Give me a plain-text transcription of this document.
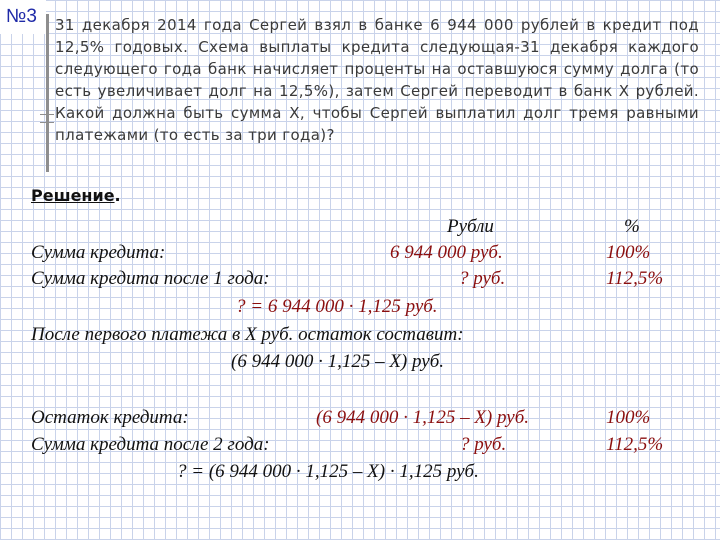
№3	31 декабря 2014 года Сергей взял в банке 6 944 000 рублей в кредит под 12,5% годовых. Схема выплаты кредита следующая-31 декабря каждого следующего года банк начисляет проценты на оставшуюся сумму долга (то есть увеличивает долг на 12,5%), затем Сергей переводит в банк Х рублей. Какой должна быть сумма Х, чтобы Сергей выплатил долг тремя равными платежами (то есть за три года)?
Решение.
Рубли	%
Сумма кредита:	6 944 000 руб.	100%
Сумма кредита после 1 года:	? руб.	112,5%
? = 6 944 000 · 1,125 руб.
После первого платежа в Х руб. остаток составит:
(6 944 000 · 1,125 – Х) руб.
Остаток кредита:	(6 944 000 · 1,125 – Х) руб.	100%
Сумма кредита после 2 года:	? руб.	112,5%
? = (6 944 000 · 1,125 – Х) · 1,125 руб.
